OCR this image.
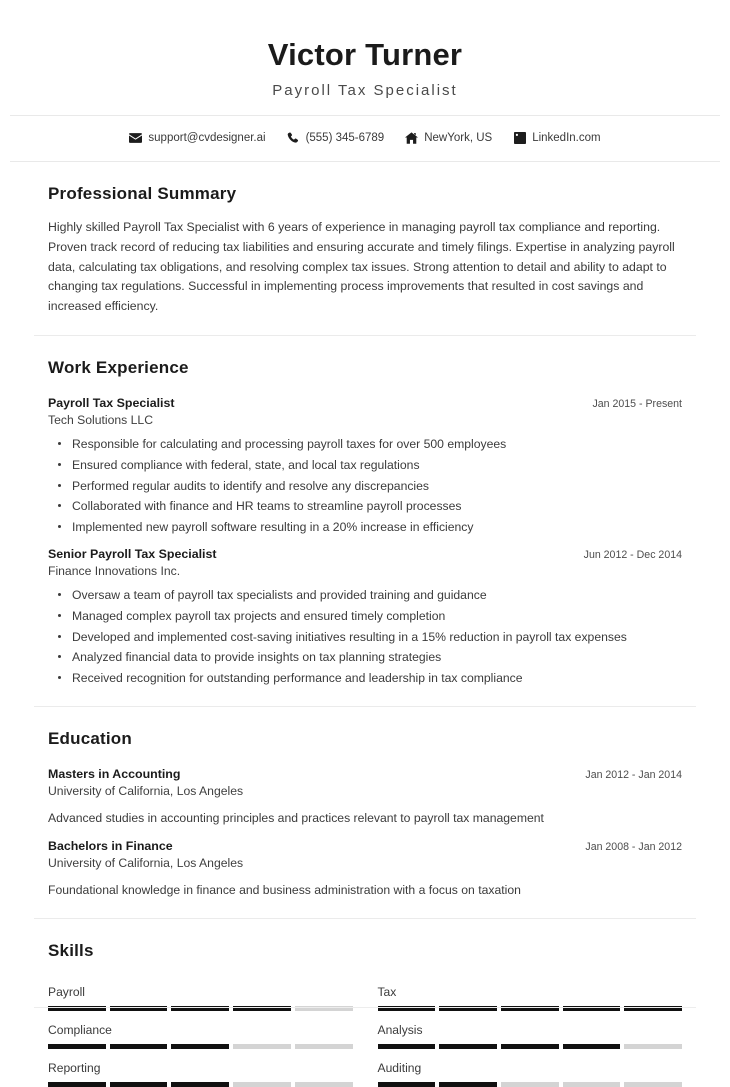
Victor Turner
Payroll Tax Specialist
support@cvdesigner.ai	(555) 345-6789	NewYork, US	LinkedIn.com
Professional Summary
Highly skilled Payroll Tax Specialist with 6 years of experience in managing payroll tax compliance and reporting. Proven track record of reducing tax liabilities and ensuring accurate and timely filings. Expertise in analyzing payroll data, calculating tax obligations, and resolving complex tax issues. Strong attention to detail and ability to adapt to changing tax regulations. Successful in implementing process improvements that resulted in cost savings and increased efficiency.
Work Experience
Payroll Tax Specialist	Jan 2015 - Present
Tech Solutions LLC
Responsible for calculating and processing payroll taxes for over 500 employees
Ensured compliance with federal, state, and local tax regulations
Performed regular audits to identify and resolve any discrepancies
Collaborated with finance and HR teams to streamline payroll processes
Implemented new payroll software resulting in a 20% increase in efficiency
Senior Payroll Tax Specialist	Jun 2012 - Dec 2014
Finance Innovations Inc.
Oversaw a team of payroll tax specialists and provided training and guidance
Managed complex payroll tax projects and ensured timely completion
Developed and implemented cost-saving initiatives resulting in a 15% reduction in payroll tax expenses
Analyzed financial data to provide insights on tax planning strategies
Received recognition for outstanding performance and leadership in tax compliance
Education
Masters in Accounting	Jan 2012 - Jan 2014
University of California, Los Angeles
Advanced studies in accounting principles and practices relevant to payroll tax management
Bachelors in Finance	Jan 2008 - Jan 2012
University of California, Los Angeles
Foundational knowledge in finance and business administration with a focus on taxation
Skills
Payroll	Tax
Compliance	Analysis
Reporting	Auditing
